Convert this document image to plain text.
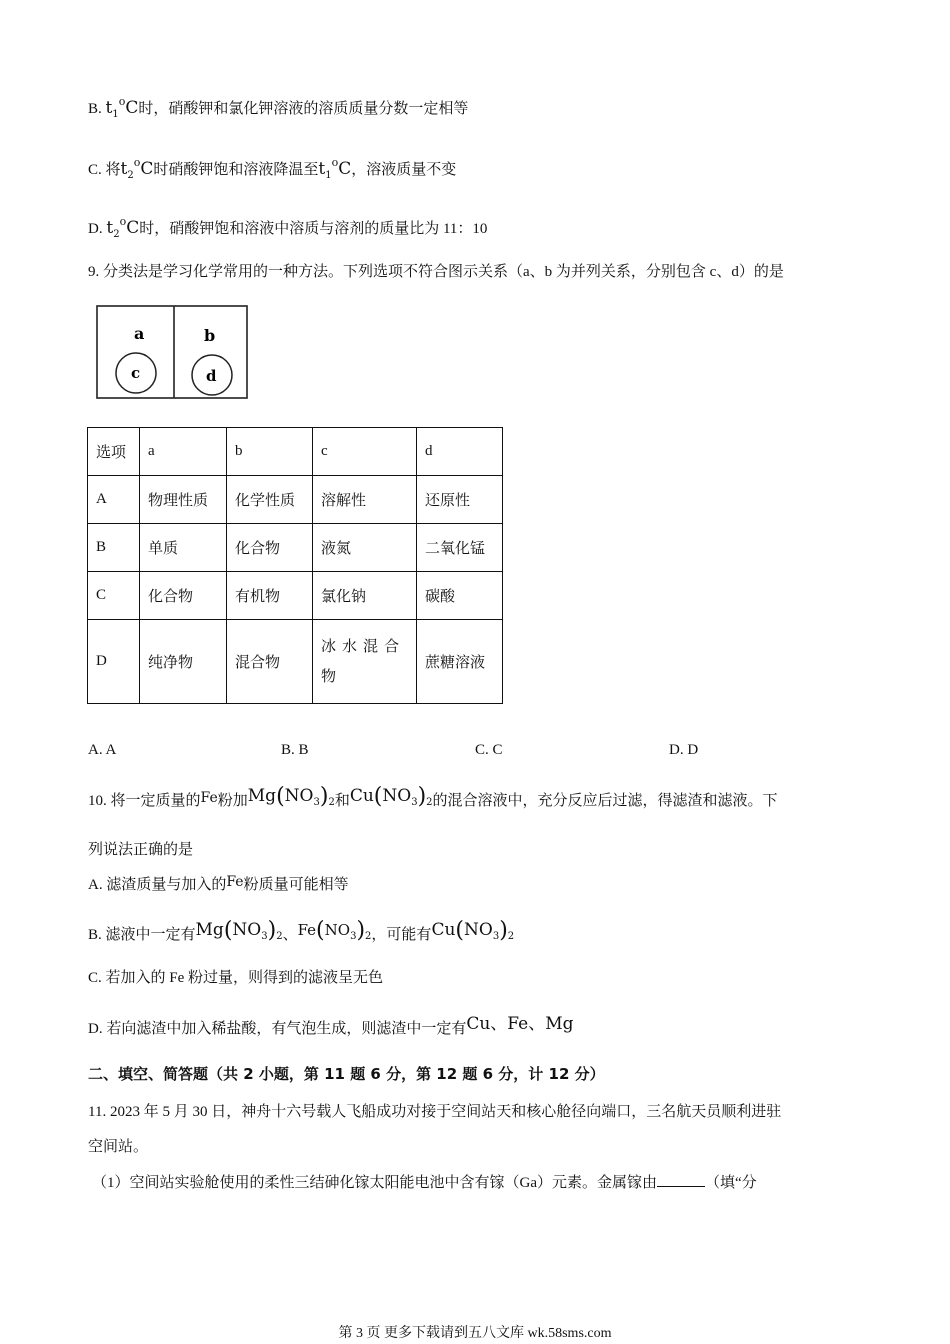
B. $t_1^oC$时，硝酸钾和氯化钾溶液的溶质质量分数一定相等
C. 将$t_2^oC$时硝酸钾饱和溶液降温至$t_1^oC$，溶液质量不变
D. $t_2^oC$时，硝酸钾饱和溶液中溶质与溶剂的质量比为 11：10
9. 分类法是学习化学常用的一种方法。下列选项不符合图示关系（a、b 为并列关系，分别包含 c、d）的是
a
c
b
d
选项	a	b	c	d
A	物理性质	化学性质	溶解性	还原性
B	单质	化合物	液氮	二氧化锰
C	化合物	有机物	氯化钠	碳酸
D	纯净物	混合物	冰水混合物	蔗糖溶液
A. A	B. B	C. C	D. D
10. 将一定质量的Fe粉加$Mg(NO_3)_2$和$Cu(NO_3)_2$的混合溶液中，充分反应后过滤，得滤渣和滤液。下
列说法正确的是
A. 滤渣质量与加入的Fe粉质量可能相等
B. 滤液中一定有$Mg(NO_3)_2$、$Fe(NO_3)_2$，可能有$Cu(NO_3)_2$
C. 若加入的 Fe 粉过量，则得到的滤液呈无色
D. 若向滤渣中加入稀盐酸，有气泡生成，则滤渣中一定有Cu、Fe、Mg
二、填空、简答题（共 2 小题，第 11 题 6 分，第 12 题 6 分，计 12 分）
11. 2023 年 5 月 30 日，神舟十六号载人飞船成功对接于空间站天和核心舱径向端口，三名航天员顺利进驻
空间站。
（1）空间站实验舱使用的柔性三结砷化镓太阳能电池中含有镓（Ga）元素。金属镓由	（填“分
第 3 页 更多下载请到五八文库 wk.58sms.com
